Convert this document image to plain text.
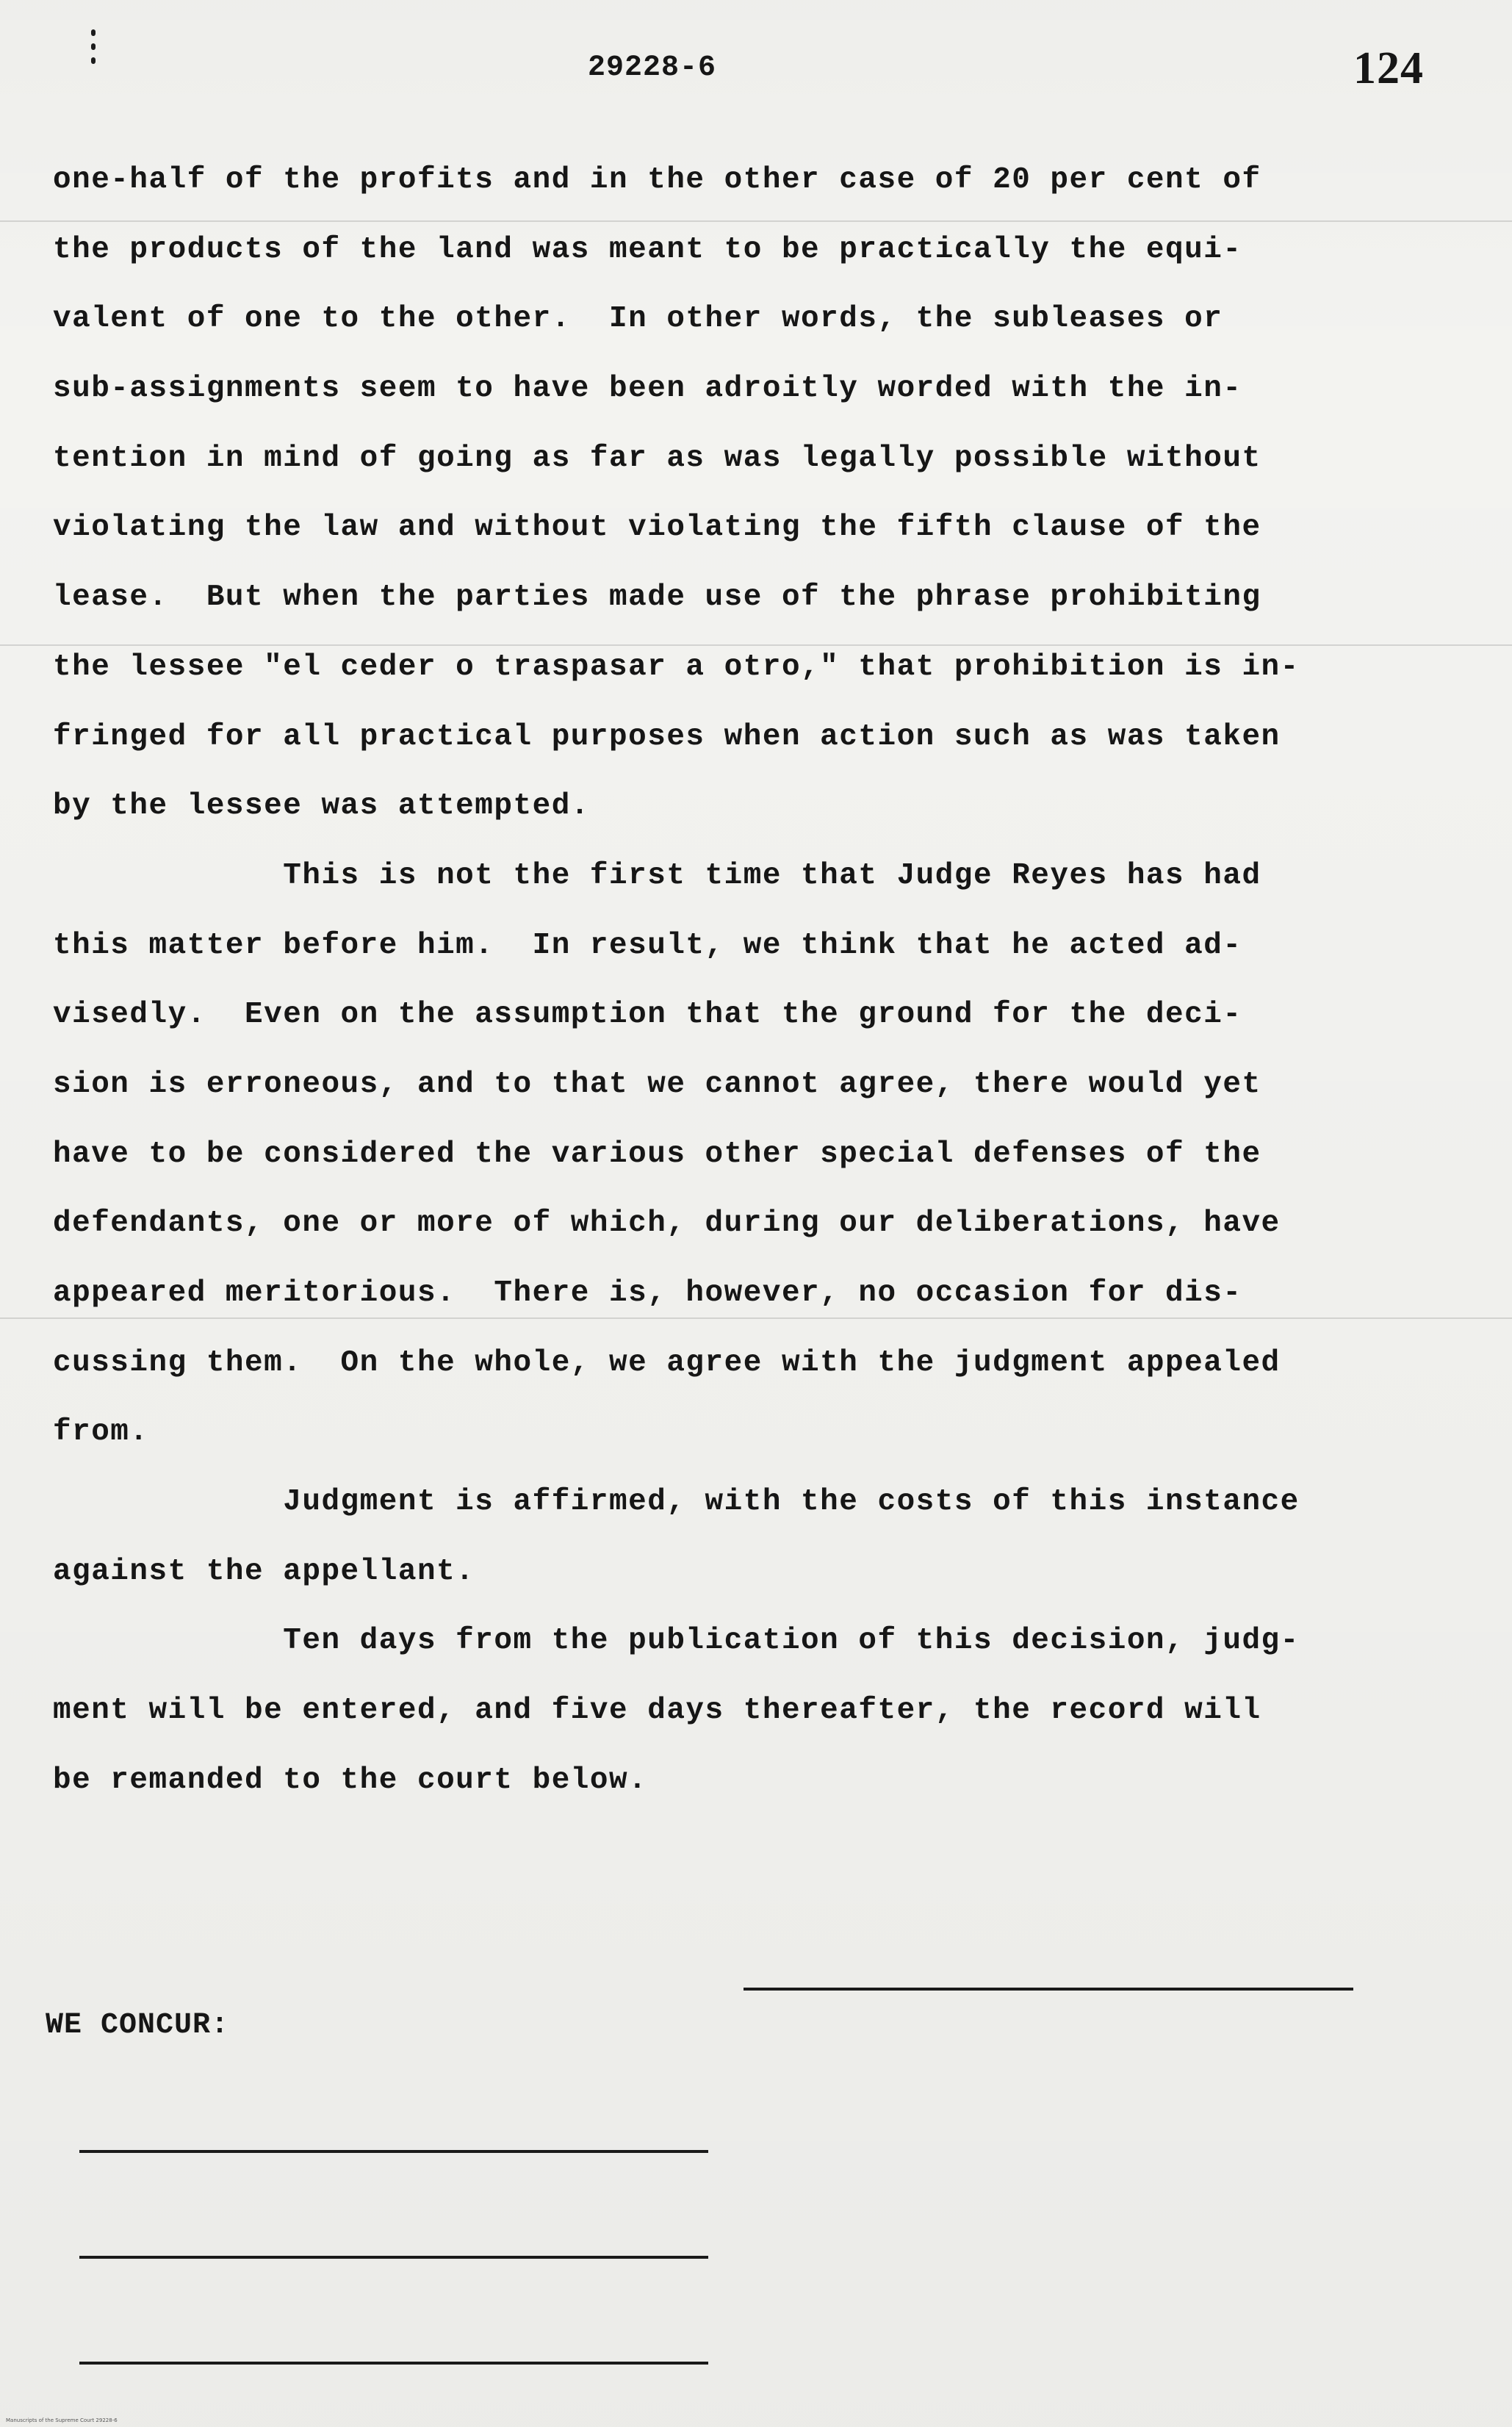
29228-6	124
one-half of the profits and in the other case of 20 per cent of
the products of the land was meant to be practically the equi-
valent of one to the other.  In other words, the subleases or
sub-assignments seem to have been adroitly worded with the in-
tention in mind of going as far as was legally possible without
violating the law and without violating the fifth clause of the
lease.  But when the parties made use of the phrase prohibiting
the lessee "el ceder o traspasar a otro," that prohibition is in-
fringed for all practical purposes when action such as was taken
by the lessee was attempted.
This is not the first time that Judge Reyes has had
this matter before him.  In result, we think that he acted ad-
visedly.  Even on the assumption that the ground for the deci-
sion is erroneous, and to that we cannot agree, there would yet
have to be considered the various other special defenses of the
defendants, one or more of which, during our deliberations, have
appeared meritorious.  There is, however, no occasion for dis-
cussing them.  On the whole, we agree with the judgment appealed
from.
Judgment is affirmed, with the costs of this instance
against the appellant.
Ten days from the publication of this decision, judg-
ment will be entered, and five days thereafter, the record will
be remanded to the court below.
WE CONCUR:
Manuscripts of the Supreme Court 29228-6
